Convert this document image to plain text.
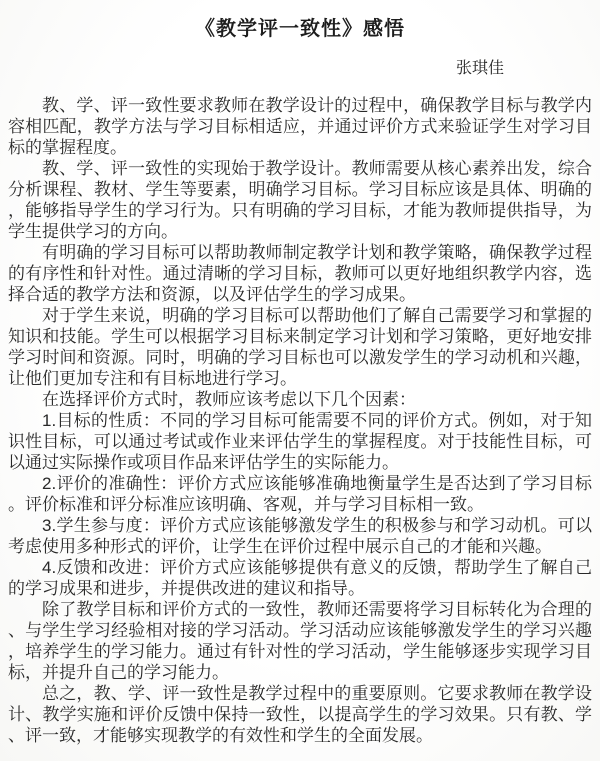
《教学评一致性》感悟
张琪佳

教、学、评一致性要求教师在教学设计的过程中，确保教学目标与教学内容相匹配，教学方法与学习目标相适应，并通过评价方式来验证学生对学习目标的掌握程度。

教、学、评一致性的实现始于教学设计。教师需要从核心素养出发，综合分析课程、教材、学生等要素，明确学习目标。学习目标应该是具体、明确的，能够指导学生的学习行为。只有明确的学习目标，才能为教师提供指导，为学生提供学习的方向。

有明确的学习目标可以帮助教师制定教学计划和教学策略，确保教学过程的有序性和针对性。通过清晰的学习目标，教师可以更好地组织教学内容，选择合适的教学方法和资源，以及评估学生的学习成果。

对于学生来说，明确的学习目标可以帮助他们了解自己需要学习和掌握的知识和技能。学生可以根据学习目标来制定学习计划和学习策略，更好地安排学习时间和资源。同时，明确的学习目标也可以激发学生的学习动机和兴趣，让他们更加专注和有目标地进行学习。

在选择评价方式时，教师应该考虑以下几个因素：

1.目标的性质：不同的学习目标可能需要不同的评价方式。例如，对于知识性目标，可以通过考试或作业来评估学生的掌握程度。对于技能性目标，可以通过实际操作或项目作品来评估学生的实际能力。

2.评价的准确性：评价方式应该能够准确地衡量学生是否达到了学习目标。评价标准和评分标准应该明确、客观，并与学习目标相一致。

3.学生参与度：评价方式应该能够激发学生的积极参与和学习动机。可以考虑使用多种形式的评价，让学生在评价过程中展示自己的才能和兴趣。

4.反馈和改进：评价方式应该能够提供有意义的反馈，帮助学生了解自己的学习成果和进步，并提供改进的建议和指导。

除了教学目标和评价方式的一致性，教师还需要将学习目标转化为合理的、与学生学习经验相对接的学习活动。学习活动应该能够激发学生的学习兴趣，培养学生的学习能力。通过有针对性的学习活动，学生能够逐步实现学习目标，并提升自己的学习能力。

总之，教、学、评一致性是教学过程中的重要原则。它要求教师在教学设计、教学实施和评价反馈中保持一致性，以提高学生的学习效果。只有教、学、评一致，才能够实现教学的有效性和学生的全面发展。
